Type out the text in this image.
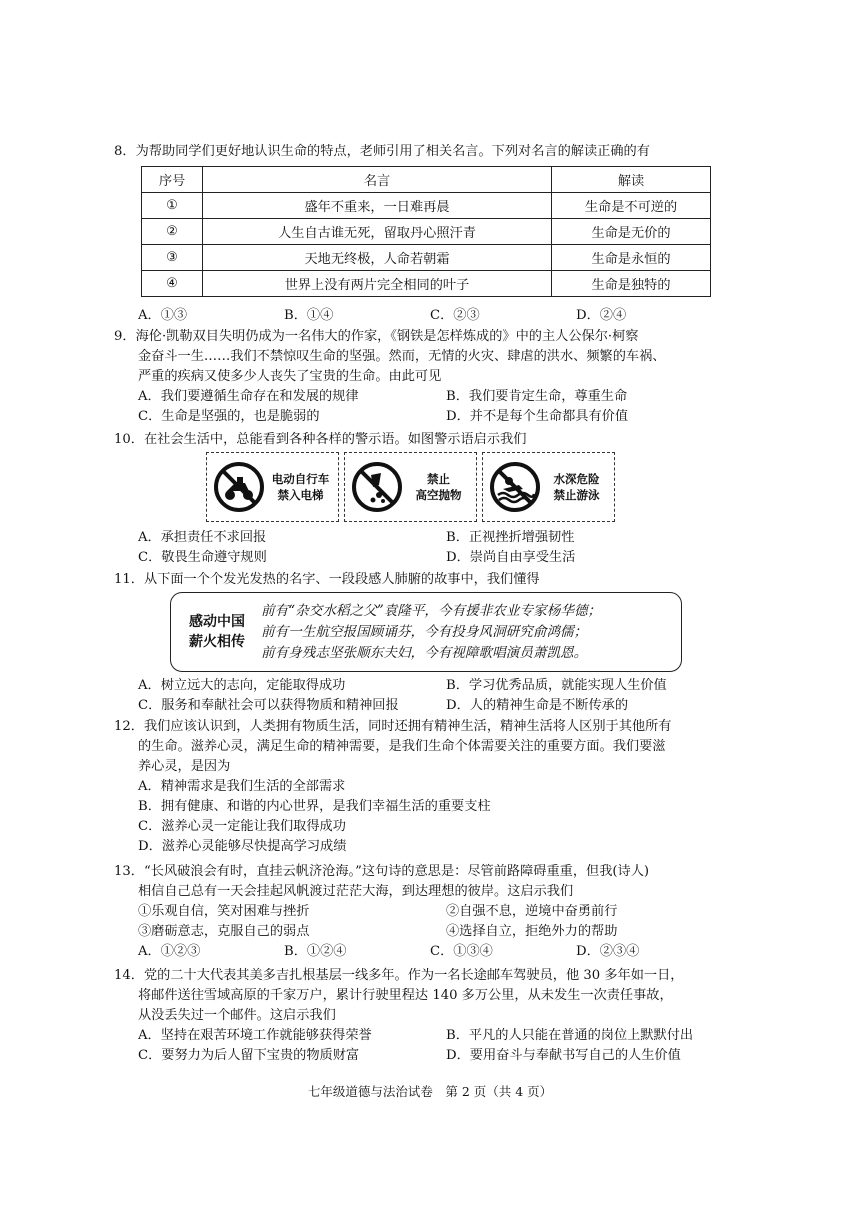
8．为帮助同学们更好地认识生命的特点，老师引用了相关名言。下列对名言的解读正确的有
序号	名言	解读
①	盛年不重来，一日难再晨	生命是不可逆的
②	人生自古谁无死，留取丹心照汗青	生命是无价的
③	天地无终极，人命若朝霜	生命是永恒的
④	世界上没有两片完全相同的叶子	生命是独特的
A．①③	B．①④	C．②③	D．②④
9．海伦·凯勒双目失明仍成为一名伟大的作家，《钢铁是怎样炼成的》中的主人公保尔·柯察
金奋斗一生……我们不禁惊叹生命的坚强。然而，无情的火灾、肆虐的洪水、频繁的车祸、
严重的疾病又使多少人丧失了宝贵的生命。由此可见
A．我们要遵循生命存在和发展的规律	B．我们要肯定生命，尊重生命
C．生命是坚强的，也是脆弱的	D．并不是每个生命都具有价值
10．在社会生活中，总能看到各种各样的警示语。如图警示语启示我们
电动自行车
禁入电梯
禁止
高空抛物
水深危险
禁止游泳
A．承担责任不求回报	B．正视挫折增强韧性
C．敬畏生命遵守规则	D．崇尚自由享受生活
11．从下面一个个发光发热的名字、一段段感人肺腑的故事中，我们懂得
感动中国
薪火相传
前有“杂交水稻之父”袁隆平，今有援非农业专家杨华德；
前有一生航空报国顾诵芬，今有投身风洞研究俞鸿儒；
前有身残志坚张顺东夫妇，今有视障歌唱演员萧凯恩。
A．树立远大的志向，定能取得成功	B．学习优秀品质，就能实现人生价值
C．服务和奉献社会可以获得物质和精神回报	D．人的精神生命是不断传承的
12．我们应该认识到，人类拥有物质生活，同时还拥有精神生活，精神生活将人区别于其他所有
的生命。滋养心灵，满足生命的精神需要，是我们生命个体需要关注的重要方面。我们要滋
养心灵，是因为
A．精神需求是我们生活的全部需求
B．拥有健康、和谐的内心世界，是我们幸福生活的重要支柱
C．滋养心灵一定能让我们取得成功
D．滋养心灵能够尽快提高学习成绩
13．“长风破浪会有时，直挂云帆济沧海。”这句诗的意思是：尽管前路障碍重重，但我(诗人)
相信自己总有一天会挂起风帆渡过茫茫大海，到达理想的彼岸。这启示我们
①乐观自信，笑对困难与挫折	②自强不息，逆境中奋勇前行
③磨砺意志，克服自己的弱点	④选择自立，拒绝外力的帮助
A．①②③	B．①②④	C．①③④	D．②③④
14．党的二十大代表其美多吉扎根基层一线多年。作为一名长途邮车驾驶员，他 30 多年如一日，
将邮件送往雪域高原的千家万户，累计行驶里程达 140 多万公里，从未发生一次责任事故，
从没丢失过一个邮件。这启示我们
A．坚持在艰苦环境工作就能够获得荣誉	B．平凡的人只能在普通的岗位上默默付出
C．要努力为后人留下宝贵的物质财富	D．要用奋斗与奉献书写自己的人生价值
七年级道德与法治试卷　第 2 页（共 4 页）
